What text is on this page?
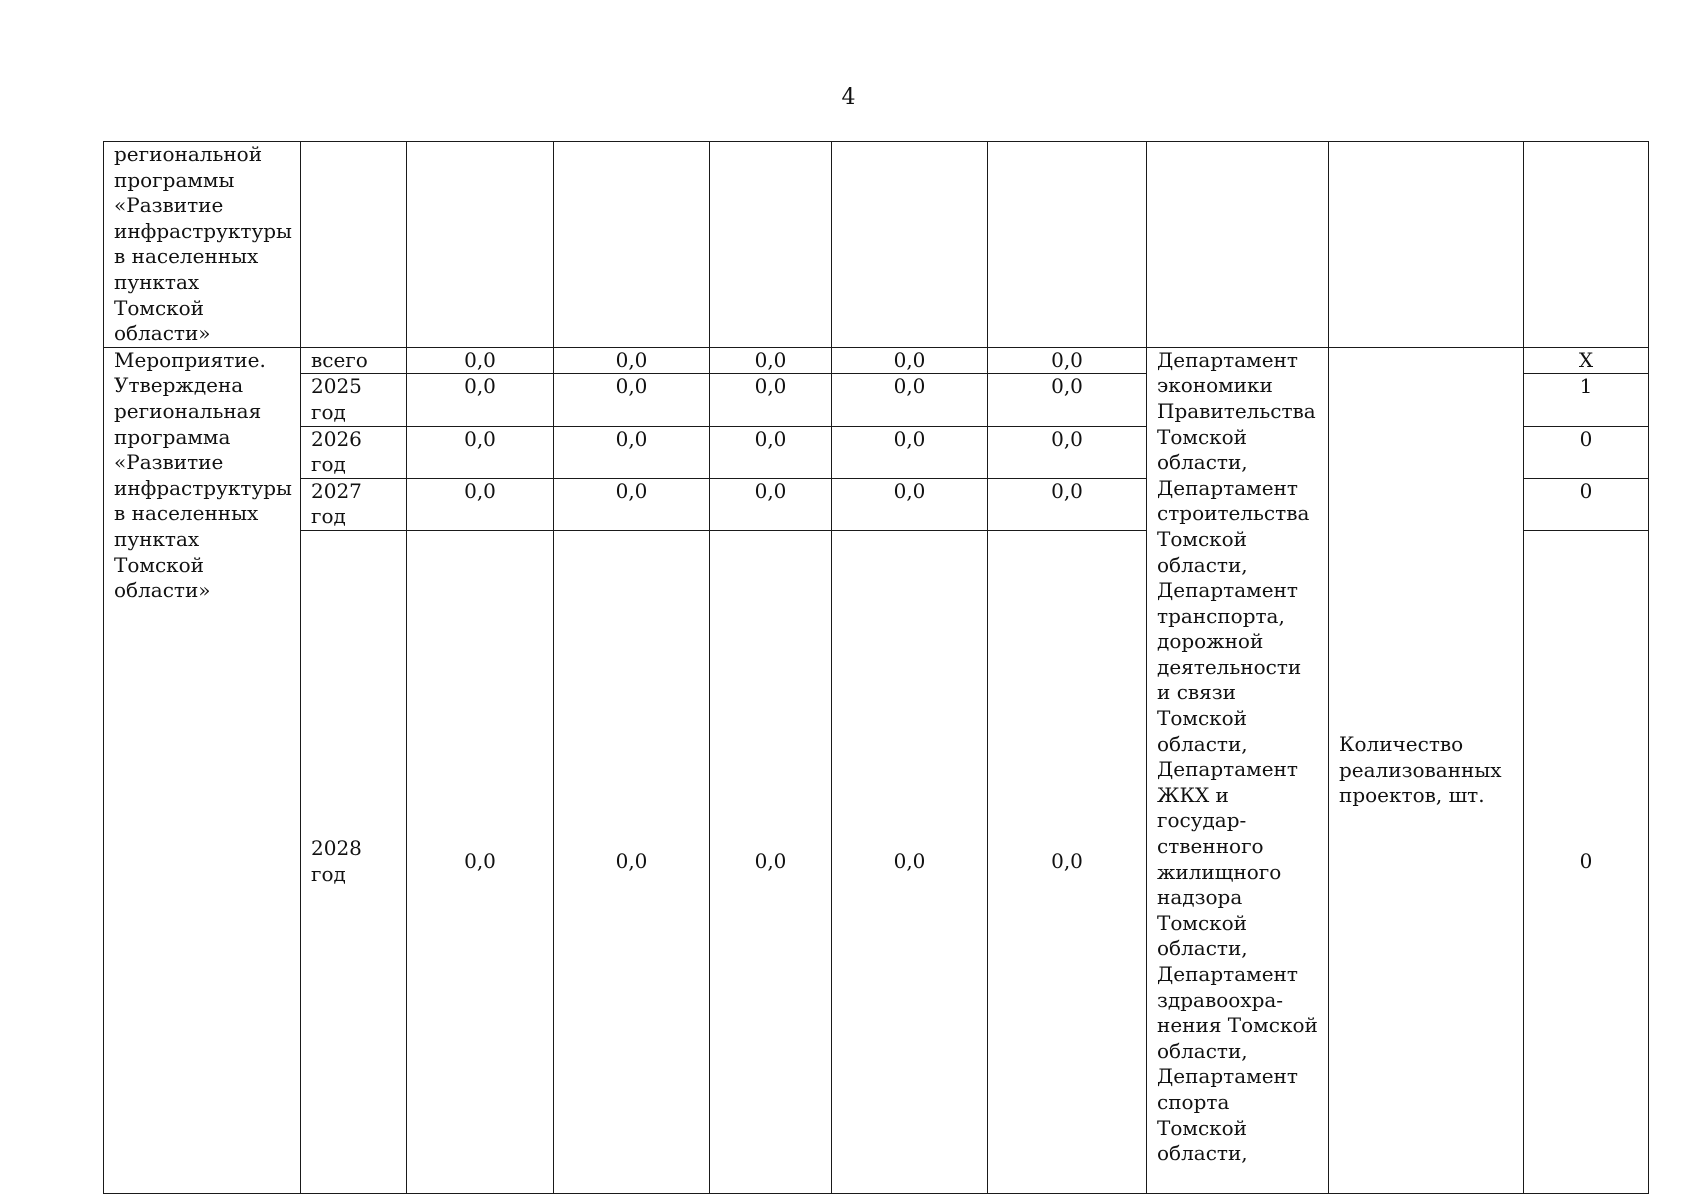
4
региональной программы «Развитие инфраструктуры в населенных пунктах Томской области»									
Мероприятие. Утверждена региональная программа «Развитие инфраструктуры в населенных пунктах Томской области»	всего	0,0	0,0	0,0	0,0	0,0	Департамент экономики Правительства Томской области, Департамент строительства Томской области, Департамент транспорта, дорожной деятельности и связи Томской области, Департамент ЖКХ и государ-ственного жилищного надзора Томской области, Департамент здравоохра-нения Томской области, Департамент спорта Томской области,	Количество реализованных проектов, шт.	Х
	2025 год	0,0	0,0	0,0	0,0	0,0			1
	2026 год	0,0	0,0	0,0	0,0	0,0			0
	2027 год	0,0	0,0	0,0	0,0	0,0			0
	2028 год	0,0	0,0	0,0	0,0	0,0			0
